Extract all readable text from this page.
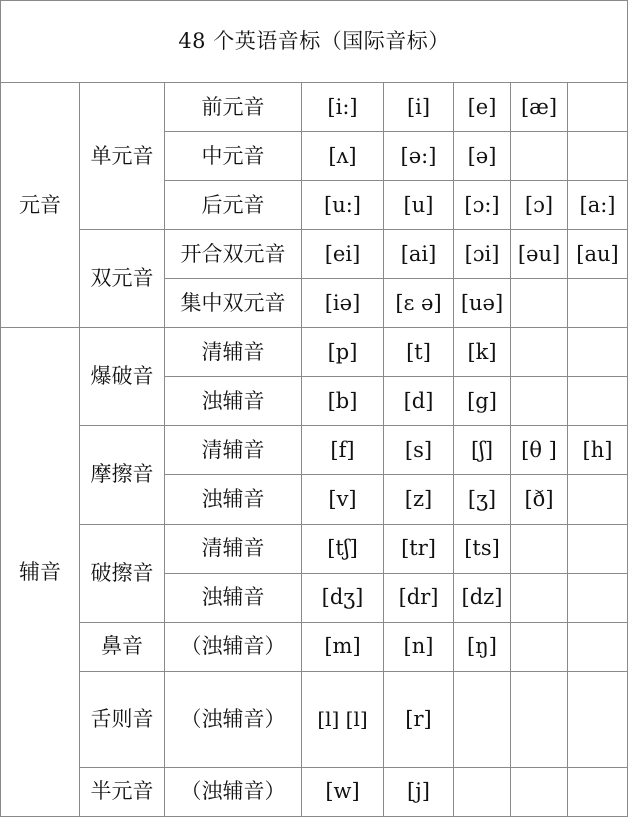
48 个英语音标（国际音标）							
元音	单元音	前元音	[i:]	[i]	[e]	[æ]	
		中元音	[ʌ]	[ə:]	[ə]		
		后元音	[u:]	[u]	[ɔ:]	[ɔ]	[a:]
	双元音	开合双元音	[ei]	[ai]	[ɔi]	[əu]	[au]
		集中双元音	[iə]	[ε ə]	[uə]		
辅音	爆破音	清辅音	[p]	[t]	[k]		
		浊辅音	[b]	[d]	[g]		
	摩擦音	清辅音	[f]	[s]	[ʃ]	[θ ]	[h]
		浊辅音	[v]	[z]	[ʒ]	[ð]	
	破擦音	清辅音	[tʃ]	[tr]	[ts]		
		浊辅音	[dʒ]	[dr]	[dz]		
	鼻音	（浊辅音）	[m]	[n]	[ŋ]		
	舌则音	（浊辅音）	[l] [l]	[r]			
	半元音	（浊辅音）	[w]	[j]			
